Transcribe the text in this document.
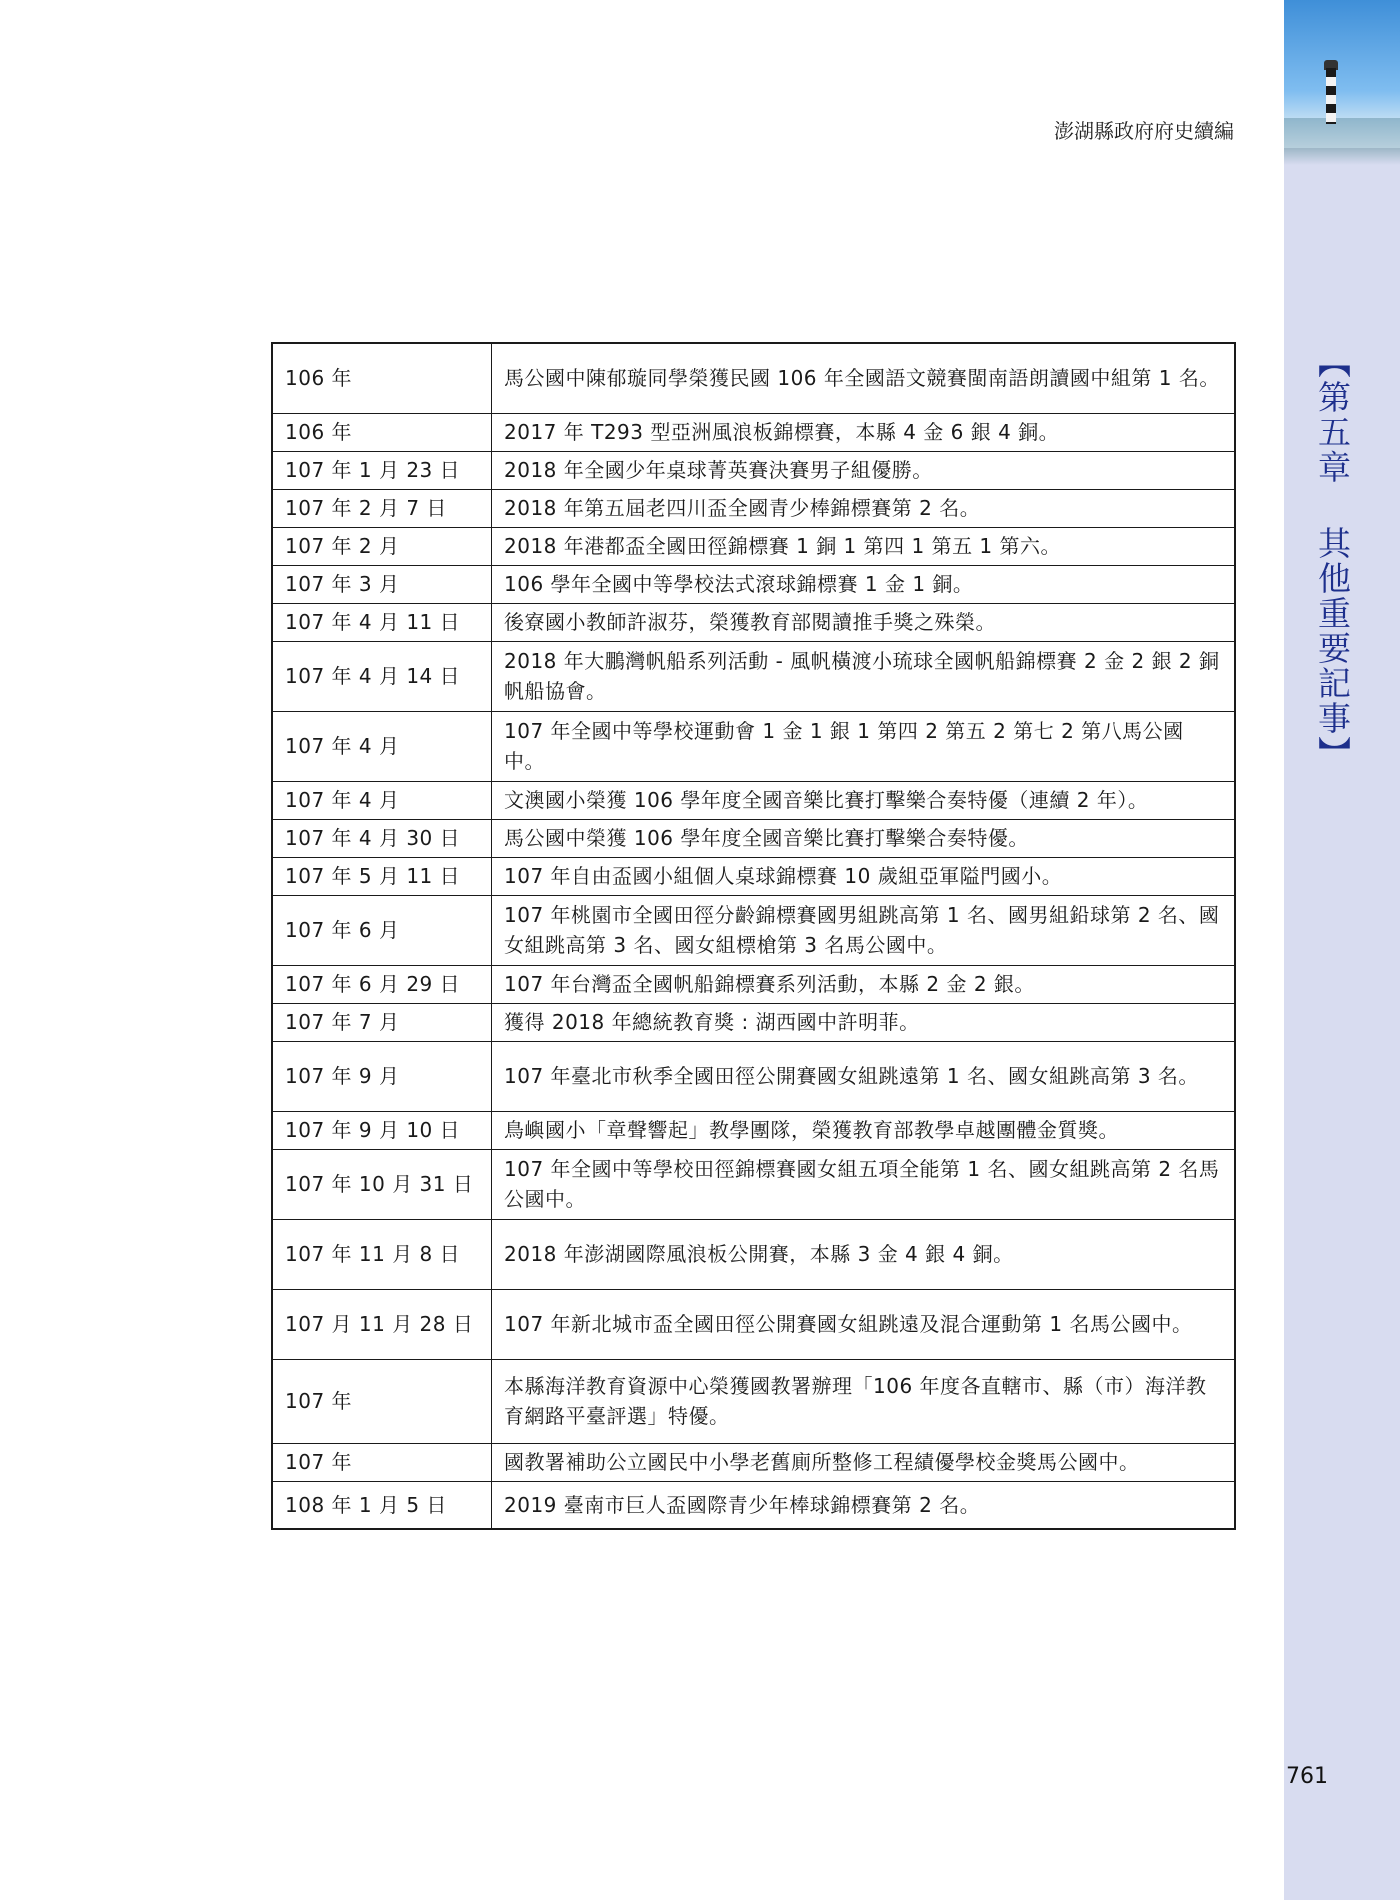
【第五章 其他重要記事】
澎湖縣政府府史續編
106 年	馬公國中陳郁璇同學榮獲民國 106 年全國語文競賽閩南語朗讀國中組第 1 名。
106 年	2017 年 T293 型亞洲風浪板錦標賽，本縣 4 金 6 銀 4 銅。
107 年 1 月 23 日	2018 年全國少年桌球菁英賽決賽男子組優勝。
107 年 2 月 7 日	2018 年第五屆老四川盃全國青少棒錦標賽第 2 名。
107 年 2 月	2018 年港都盃全國田徑錦標賽 1 銅 1 第四 1 第五 1 第六。
107 年 3 月	106 學年全國中等學校法式滾球錦標賽 1 金 1 銅。
107 年 4 月 11 日	後寮國小教師許淑芬，榮獲教育部閱讀推手獎之殊榮。
107 年 4 月 14 日	2018 年大鵬灣帆船系列活動 - 風帆橫渡小琉球全國帆船錦標賽 2 金 2 銀 2 銅帆船協會。
107 年 4 月	107 年全國中等學校運動會 1 金 1 銀 1 第四 2 第五 2 第七 2 第八馬公國中。
107 年 4 月	文澳國小榮獲 106 學年度全國音樂比賽打擊樂合奏特優（連續 2 年）。
107 年 4 月 30 日	馬公國中榮獲 106 學年度全國音樂比賽打擊樂合奏特優。
107 年 5 月 11 日	107 年自由盃國小組個人桌球錦標賽 10 歲組亞軍隘門國小。
107 年 6 月	107 年桃園市全國田徑分齡錦標賽國男組跳高第 1 名、國男組鉛球第 2 名、國女組跳高第 3 名、國女組標槍第 3 名馬公國中。
107 年 6 月 29 日	107 年台灣盃全國帆船錦標賽系列活動，本縣 2 金 2 銀。
107 年 7 月	獲得 2018 年總統教育獎 : 湖西國中許明菲。
107 年 9 月	107 年臺北市秋季全國田徑公開賽國女組跳遠第 1 名、國女組跳高第 3 名。
107 年 9 月 10 日	鳥嶼國小「章聲響起」教學團隊，榮獲教育部教學卓越團體金質獎。
107 年 10 月 31 日	107 年全國中等學校田徑錦標賽國女組五項全能第 1 名、國女組跳高第 2 名馬公國中。
107 年 11 月 8 日	2018 年澎湖國際風浪板公開賽，本縣 3 金 4 銀 4 銅。
107 月 11 月 28 日	107 年新北城市盃全國田徑公開賽國女組跳遠及混合運動第 1 名馬公國中。
107 年	本縣海洋教育資源中心榮獲國教署辦理「106 年度各直轄市、縣（市）海洋教育網路平臺評選」特優。
107 年	國教署補助公立國民中小學老舊廁所整修工程績優學校金獎馬公國中。
108 年 1 月 5 日	2019 臺南市巨人盃國際青少年棒球錦標賽第 2 名。
761
